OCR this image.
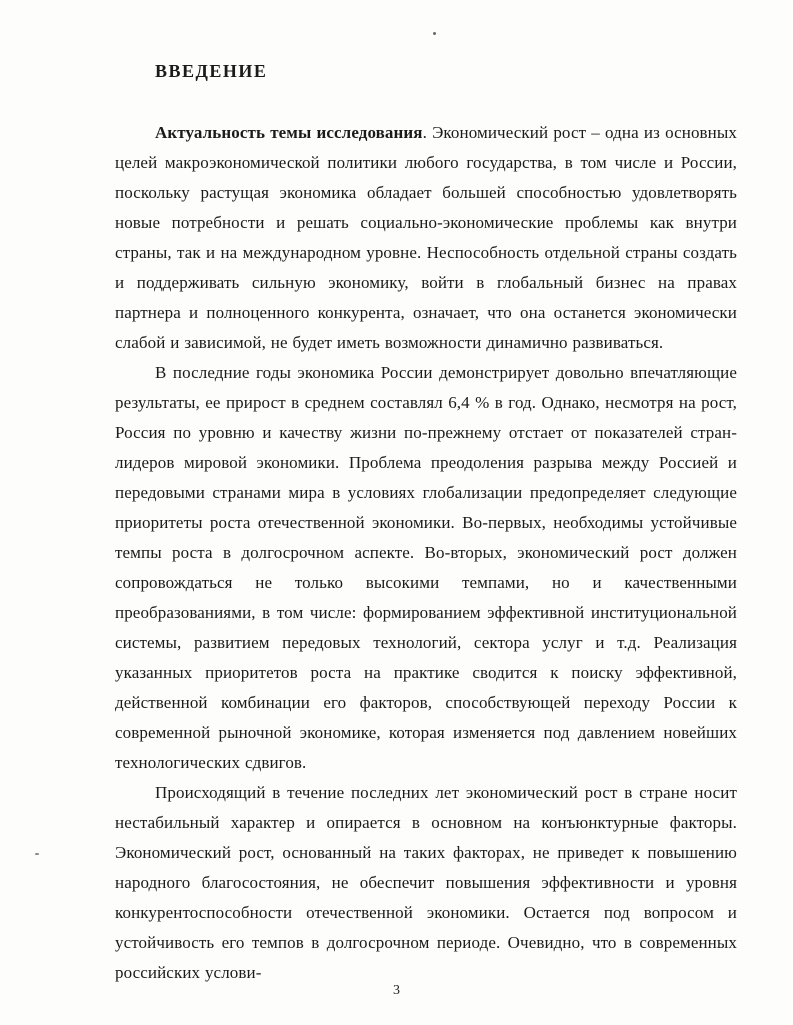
ВВЕДЕНИЕ

Актуальность темы исследования. Экономический рост – одна из основных целей макроэкономической политики любого государства, в том числе и России, поскольку растущая экономика обладает большей способностью удовлетворять новые потребности и решать социально-экономические проблемы как внутри страны, так и на международном уровне. Неспособность отдельной страны создать и поддерживать сильную экономику, войти в глобальный бизнес на правах партнера и полноценного конкурента, означает, что она останется экономически слабой и зависимой, не будет иметь возможности динамично развиваться.

В последние годы экономика России демонстрирует довольно впечатляющие результаты, ее прирост в среднем составлял 6,4 % в год. Однако, несмотря на рост, Россия по уровню и качеству жизни по-прежнему отстает от показателей стран-лидеров мировой экономики. Проблема преодоления разрыва между Россией и передовыми странами мира в условиях глобализации предопределяет следующие приоритеты роста отечественной экономики. Во-первых, необходимы устойчивые темпы роста в долгосрочном аспекте. Во-вторых, экономический рост должен сопровождаться не только высокими темпами, но и качественными преобразованиями, в том числе: формированием эффективной институциональной системы, развитием передовых технологий, сектора услуг и т.д. Реализация указанных приоритетов роста на практике сводится к поиску эффективной, действенной комбинации его факторов, способствующей переходу России к современной рыночной экономике, которая изменяется под давлением новейших технологических сдвигов.

Происходящий в течение последних лет экономический рост в стране носит нестабильный характер и опирается в основном на конъюнктурные факторы. Экономический рост, основанный на таких факторах, не приведет к повышению народного благосостояния, не обеспечит повышения эффективности и уровня конкурентоспособности отечественной экономики. Остается под вопросом и устойчивость его темпов в долгосрочном периоде. Очевидно, что в современных российских услови-

3
